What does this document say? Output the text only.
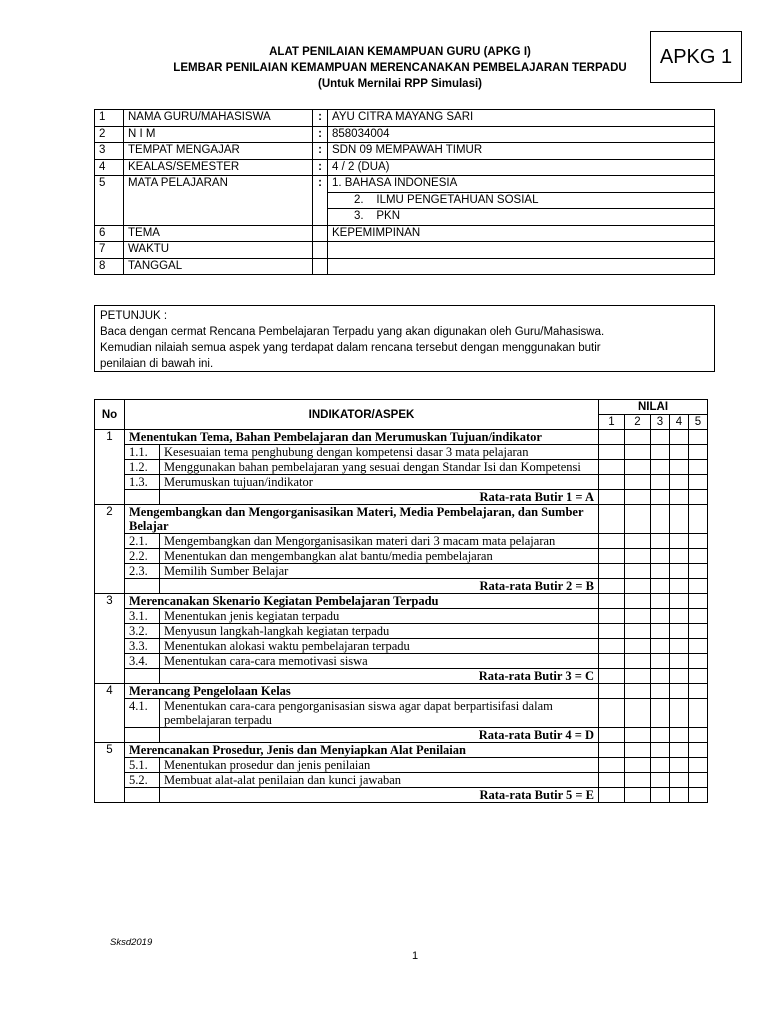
APKG 1
ALAT PENILAIAN KEMAMPUAN GURU (APKG I)
LEMBAR PENILAIAN KEMAMPUAN MERENCANAKAN PEMBELAJARAN TERPADU
(Untuk Mernilai RPP Simulasi)
1	NAMA GURU/MAHASISWA	:	AYU CITRA MAYANG SARI
2	N I M	:	858034004
3	TEMPAT MENGAJAR	:	SDN 09 MEMPAWAH TIMUR
4	KEALAS/SEMESTER	:	4 / 2 (DUA)
5	MATA PELAJARAN	:	1. BAHASA INDONESIA
			2.    ILMU PENGETAHUAN SOSIAL
			3.    PKN
6	TEMA		KEPEMIMPINAN
7	WAKTU		
8	TANGGAL		
PETUNJUK :
Baca dengan cermat Rencana Pembelajaran Terpadu yang akan digunakan oleh Guru/Mahasiswa.
Kemudian nilaiah semua aspek yang terdapat dalam rencana tersebut dengan menggunakan butir
penilaian di bawah ini.
No	INDIKATOR/ASPEK		NILAI				
			1	2	3	4	5
1	Menentukan Tema, Bahan Pembelajaran dan Merumuskan Tujuan/indikator						
	1.1.	Kesesuaian tema penghubung dengan kompetensi dasar 3 mata pelajaran					
	1.2.	Menggunakan bahan pembelajaran yang sesuai dengan Standar Isi dan Kompetensi					
	1.3.	Merumuskan tujuan/indikator					
		Rata-rata Butir 1 = A					
2	Mengembangkan dan Mengorganisasikan Materi, Media Pembelajaran, dan Sumber Belajar						
	2.1.	Mengembangkan dan Mengorganisasikan materi dari 3 macam mata pelajaran					
	2.2.	Menentukan dan mengembangkan alat bantu/media pembelajaran					
	2.3.	Memilih Sumber Belajar					
		Rata-rata Butir 2 = B					
3	Merencanakan Skenario Kegiatan Pembelajaran Terpadu						
	3.1.	Menentukan jenis kegiatan terpadu					
	3.2.	Menyusun langkah-langkah kegiatan terpadu					
	3.3.	Menentukan alokasi waktu pembelajaran terpadu					
	3.4.	Menentukan cara-cara memotivasi siswa					
		Rata-rata Butir 3 = C					
4	Merancang Pengelolaan Kelas						
	4.1.	Menentukan cara-cara pengorganisasian siswa agar dapat berpartisifasi dalam pembelajaran terpadu					
		Rata-rata Butir 4 = D					
5	Merencanakan Prosedur, Jenis dan Menyiapkan Alat Penilaian						
	5.1.	Menentukan prosedur dan jenis penilaian					
	5.2.	Membuat alat-alat penilaian dan kunci jawaban					
		Rata-rata Butir 5 = E					
Sksd2019
1
